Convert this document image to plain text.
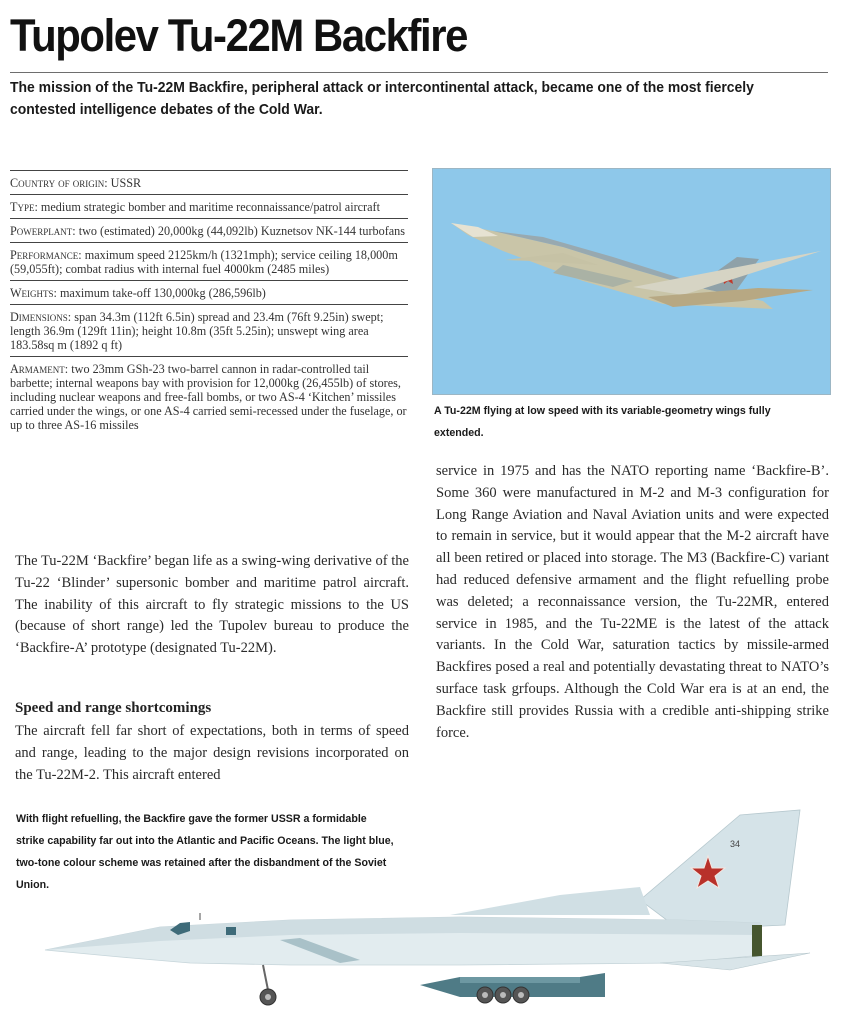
Tupolev Tu-22M Backfire

The mission of the Tu-22M Backfire, peripheral attack or intercontinental attack, became one of the most fiercely contested intelligence debates of the Cold War.

Country of origin: USSR
Type: medium strategic bomber and maritime reconnaissance/patrol aircraft
Powerplant: two (estimated) 20,000kg (44,092lb) Kuznetsov NK-144 turbofans
Performance: maximum speed 2125km/h (1321mph); service ceiling 18,000m (59,055ft); combat radius with internal fuel 4000km (2485 miles)
Weights: maximum take-off 130,000kg (286,596lb)
Dimensions: span 34.3m (112ft 6.5in) spread and 23.4m (76ft 9.25in) swept; length 36.9m (129ft 11in); height 10.8m (35ft 5.25in); unswept wing area 183.58sq m (1892 q ft)
Armament: two 23mm GSh-23 two-barrel cannon in radar-controlled tail barbette; internal weapons bay with provision for 12,000kg (26,455lb) of stores, including nuclear weapons and free-fall bombs, or two AS-4 ‘Kitchen’ missiles carried under the wings, or one AS-4 carried semi-recessed under the fuselage, or up to three AS-16 missiles
A Tu-22M flying at low speed with its variable-geometry wings fully extended.
The Tu-22M ‘Backfire’ began life as a swing-wing derivative of the Tu-22 ‘Blinder’ supersonic bomber and maritime patrol aircraft. The inability of this aircraft to fly strategic missions to the US (because of short range) led the Tupolev bureau to produce the ‘Backfire-A’ prototype (designated Tu-22M).
Speed and range shortcomings
The aircraft fell far short of expectations, both in terms of speed and range, leading to the major design revisions incorporated on the Tu-22M-2. This aircraft entered
service in 1975 and has the NATO reporting name ‘Backfire-B’. Some 360 were manufactured in M-2 and M-3 configuration for Long Range Aviation and Naval Aviation units and were expected to remain in service, but it would appear that the M-2 aircraft have all been retired or placed into storage. The M3 (Backfire-C) variant had reduced defensive armament and the flight refuelling probe was deleted; a reconnaissance version, the Tu-22MR, entered service in 1985, and the Tu-22ME is the latest of the attack variants. In the Cold War, saturation tactics by missile-armed Backfires posed a real and potentially devastating threat to NATO’s surface task grfoups. Although the Cold War era is at an end, the Backfire still provides Russia with a credible anti-shipping strike force.
34
With flight refuelling, the Backfire gave the former USSR a formidable strike capability far out into the Atlantic and Pacific Oceans. The light blue, two-tone colour scheme was retained after the disbandment of the Soviet Union.
